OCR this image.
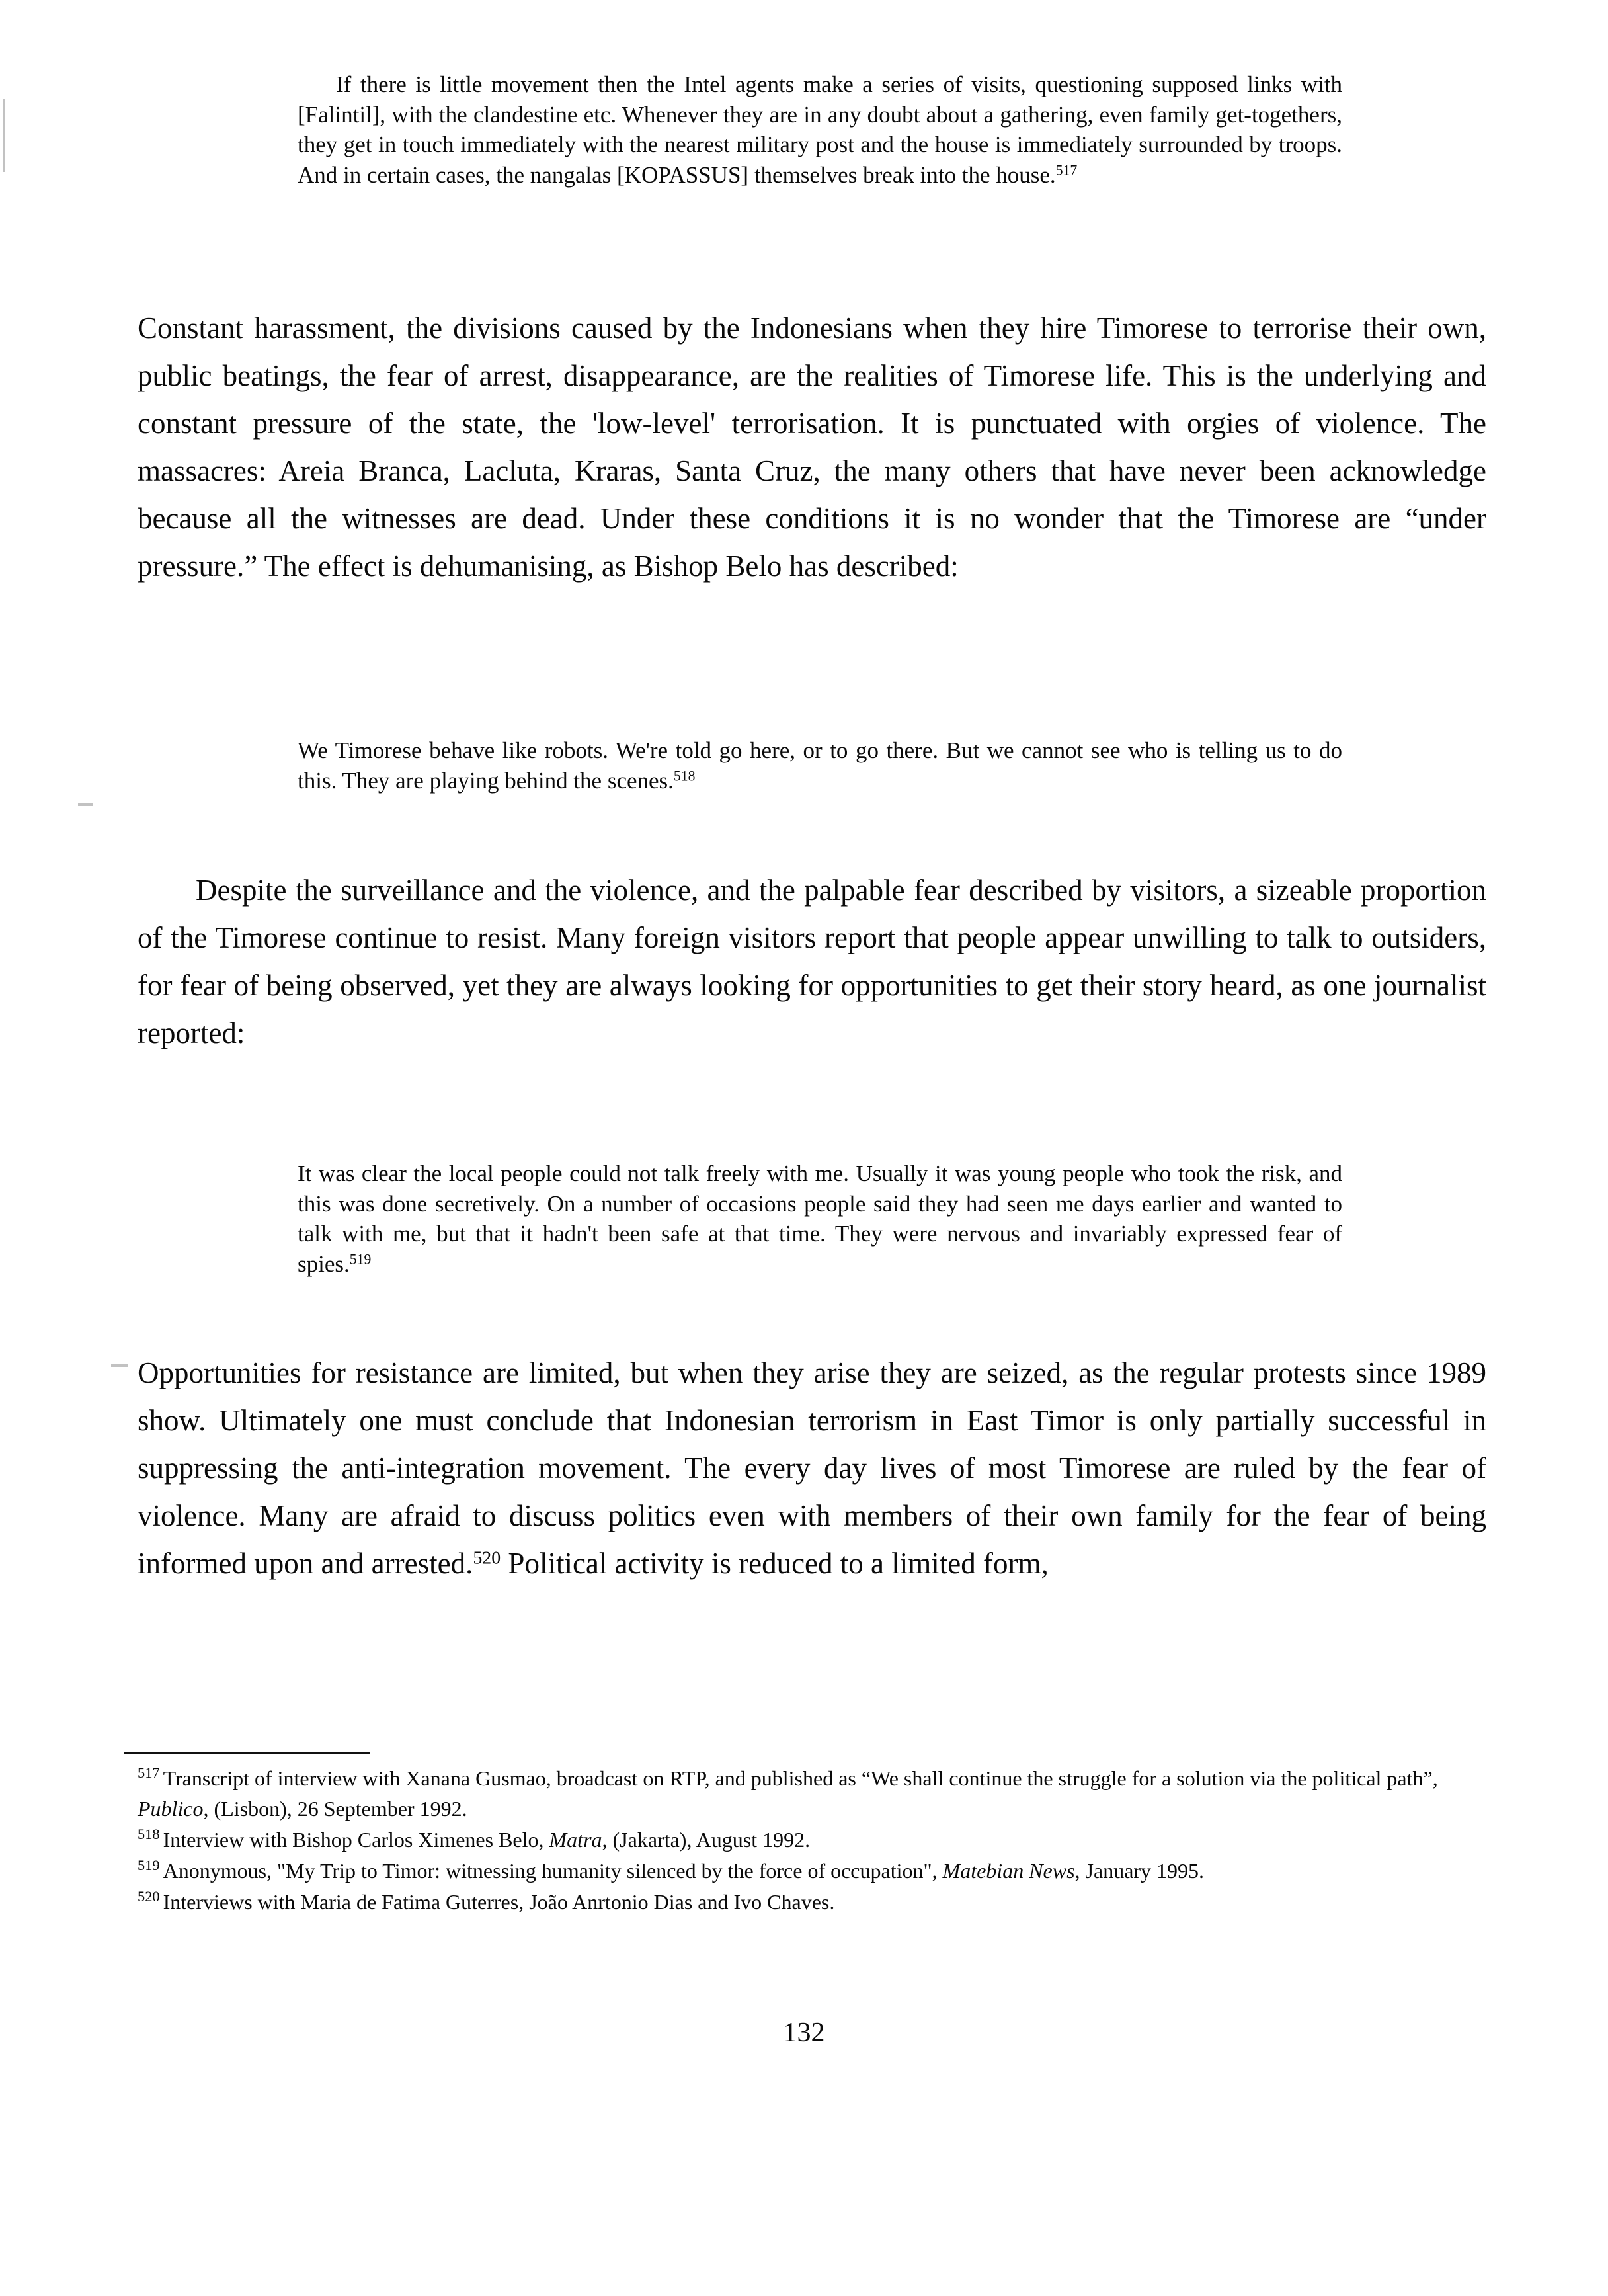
If there is little movement then the Intel agents make a series of visits, questioning supposed links with [Falintil], with the clandestine etc. Whenever they are in any doubt about a gathering, even family get-togethers, they get in touch immediately with the nearest military post and the house is immediately surrounded by troops. And in certain cases, the nangalas [KOPASSUS] themselves break into the house.$^{517}$
Constant harassment, the divisions caused by the Indonesians when they hire Timorese to terrorise their own, public beatings, the fear of arrest, disappearance, are the realities of Timorese life. This is the underlying and constant pressure of the state, the 'low-level' terrorisation. It is punctuated with orgies of violence. The massacres: Areia Branca, Lacluta, Kraras, Santa Cruz, the many others that have never been acknowledge because all the witnesses are dead. Under these conditions it is no wonder that the Timorese are “under pressure.” The effect is dehumanising, as Bishop Belo has described:
We Timorese behave like robots. We're told go here, or to go there. But we cannot see who is telling us to do this. They are playing behind the scenes.$^{518}$
Despite the surveillance and the violence, and the palpable fear described by visitors, a sizeable proportion of the Timorese continue to resist. Many foreign visitors report that people appear unwilling to talk to outsiders, for fear of being observed, yet they are always looking for opportunities to get their story heard, as one journalist reported:
It was clear the local people could not talk freely with me. Usually it was young people who took the risk, and this was done secretively. On a number of occasions people said they had seen me days earlier and wanted to talk with me, but that it hadn't been safe at that time. They were nervous and invariably expressed fear of spies.$^{519}$
Opportunities for resistance are limited, but when they arise they are seized, as the regular protests since 1989 show. Ultimately one must conclude that Indonesian terrorism in East Timor is only partially successful in suppressing the anti-integration movement. The every day lives of most Timorese are ruled by the fear of violence. Many are afraid to discuss politics even with members of their own family for the fear of being informed upon and arrested.$^{520}$ Political activity is reduced to a limited form,

$^{517}$ Transcript of interview with Xanana Gusmao, broadcast on RTP, and published as “We shall continue the struggle for a solution via the political path”, Publico, (Lisbon), 26 September 1992.

$^{518}$ Interview with Bishop Carlos Ximenes Belo, Matra, (Jakarta), August 1992.

$^{519}$ Anonymous, "My Trip to Timor: witnessing humanity silenced by the force of occupation", Matebian News, January 1995.

$^{520}$ Interviews with Maria de Fatima Guterres, João Anrtonio Dias and Ivo Chaves.

132
